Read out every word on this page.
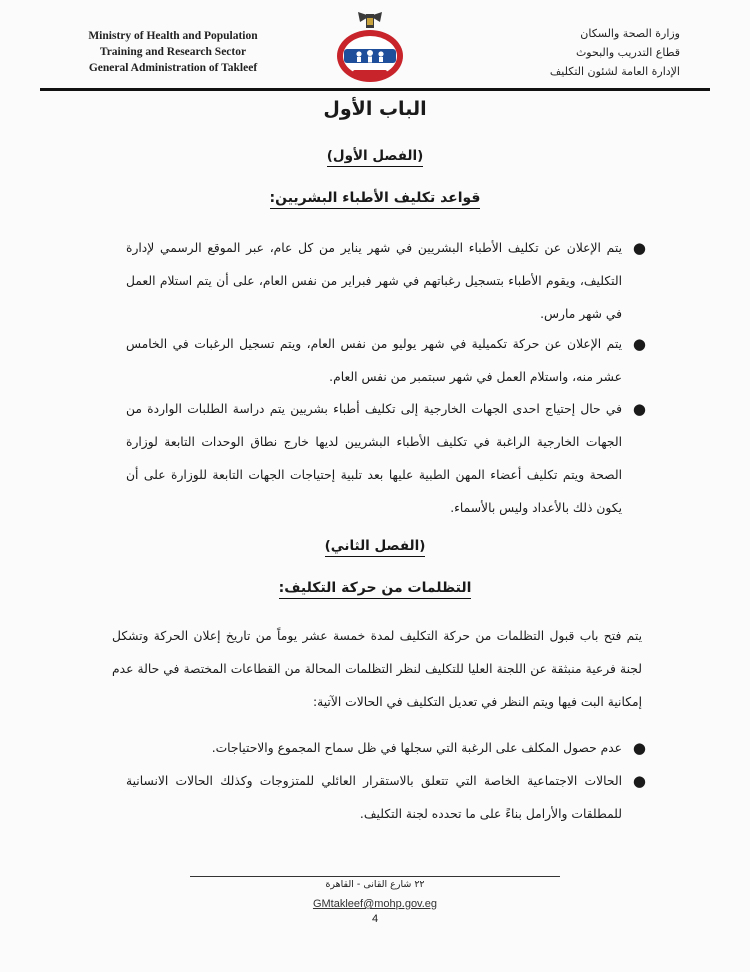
Ministry of Health and Population
Training and Research Sector
General Administration of Takleef
وزارة الصحة والسكان
قطاع التدريب والبحوث
الإدارة العامة لشئون التكليف
الباب الأول
(الفصل الأول)
قواعد تكليف الأطباء البشريين:
●
يتم الإعلان عن تكليف الأطباء البشريين في شهر يناير من كل عام، عبر الموقع الرسمي لإدارة التكليف، ويقوم الأطباء بتسجيل رغباتهم في شهر فبراير من نفس العام، على أن يتم استلام العمل في شهر مارس.
●
يتم الإعلان عن حركة تكميلية في شهر يوليو من نفس العام، ويتم تسجيل الرغبات في الخامس عشر منه، واستلام العمل في شهر سبتمبر من نفس العام.
●
في حال إحتياج احدى الجهات الخارجية إلى تكليف أطباء بشريين يتم دراسة الطلبات الواردة من الجهات الخارجية الراغبة في تكليف الأطباء البشريين لديها خارج نطاق الوحدات التابعة لوزارة الصحة ويتم تكليف أعضاء المهن الطبية عليها بعد تلبية إحتياجات الجهات التابعة للوزارة على أن يكون ذلك بالأعداد وليس بالأسماء.
(الفصل الثاني)
التظلمات من حركة التكليف:
يتم فتح باب قبول التظلمات من حركة التكليف لمدة خمسة عشر يوماً من تاريخ إعلان الحركة وتشكل لجنة فرعية منبثقة عن اللجنة العليا للتكليف لنظر التظلمات المحالة من القطاعات المختصة في حالة عدم إمكانية البت فيها ويتم النظر في تعديل التكليف في الحالات الآتية:
●
عدم حصول المكلف على الرغبة التي سجلها في ظل سماح المجموع والاحتياجات.
●
الحالات الاجتماعية الخاصة التي تتعلق بالاستقرار العائلي للمتزوجات وكذلك الحالات الانسانية للمطلقات والأرامل بناءً على ما تحدده لجنة التكليف.
٢٢ شارع القانى - القاهرة
GMtakleef@mohp.gov.eg
4
